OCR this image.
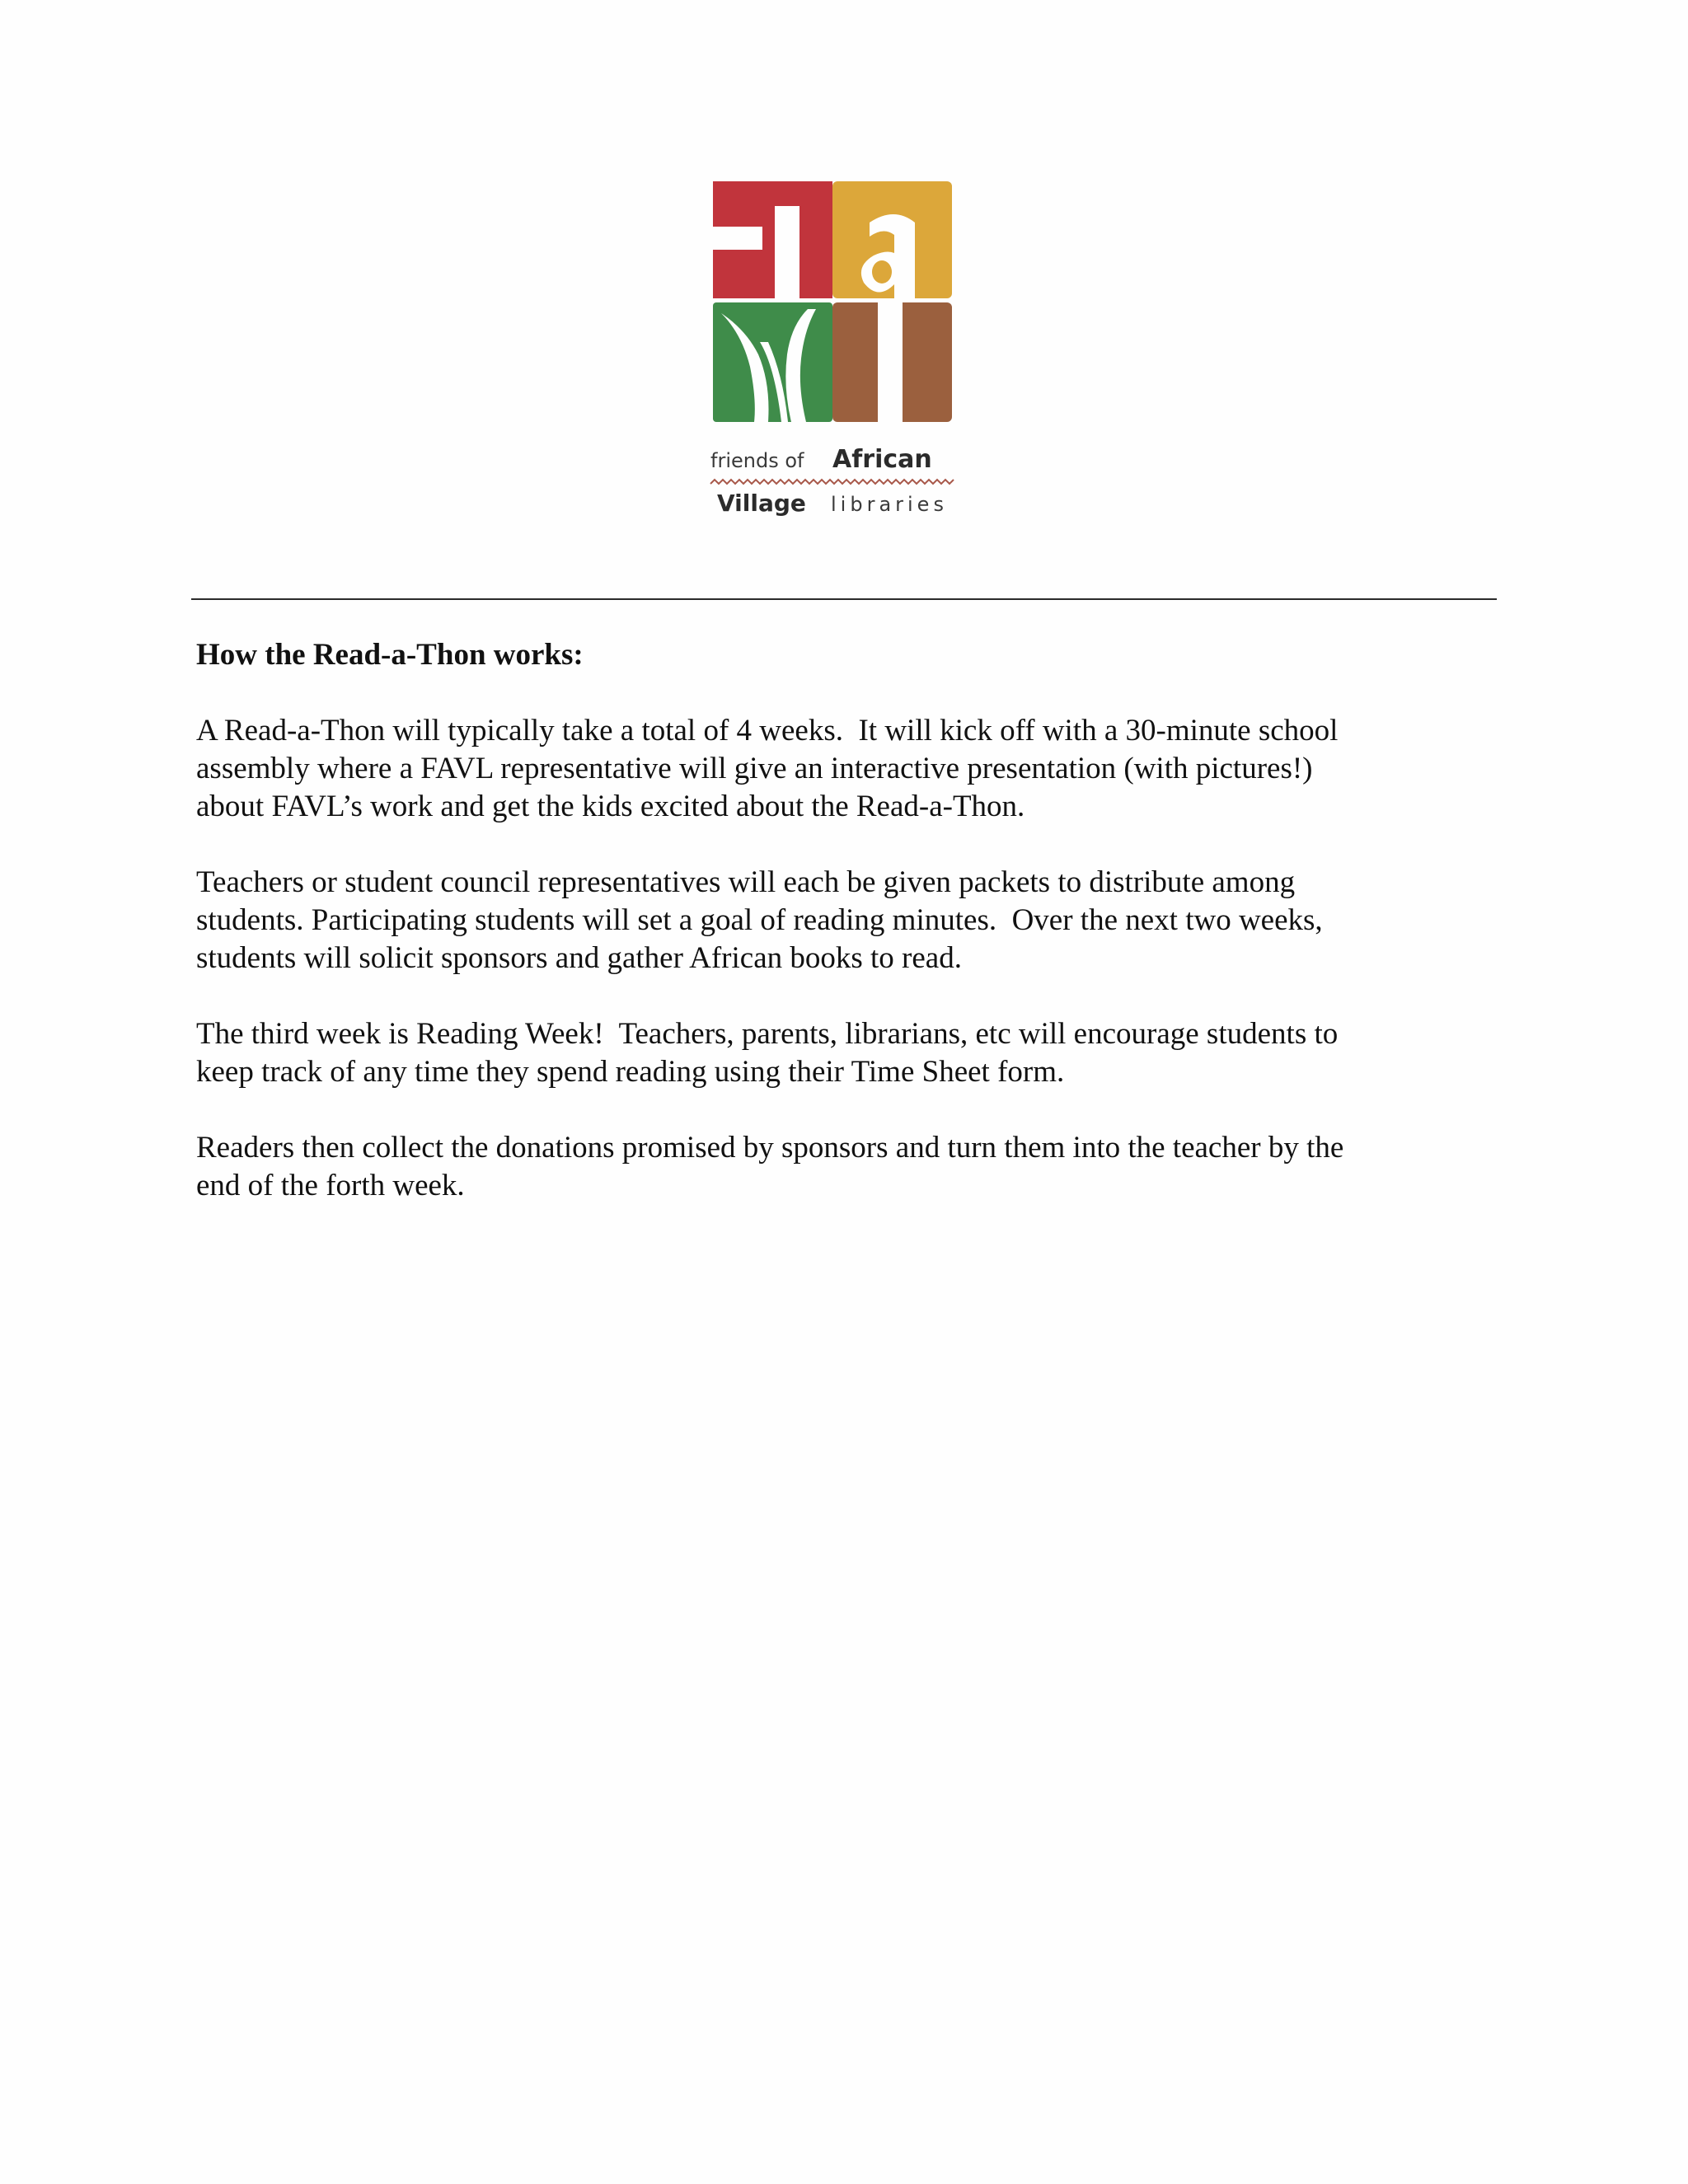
friends of African
Village libraries
How the Read-a-Thon works:
A Read-a-Thon will typically take a total of 4 weeks.  It will kick off with a 30-minute school
assembly where a FAVL representative will give an interactive presentation (with pictures!)
about FAVL’s work and get the kids excited about the Read-a-Thon.
Teachers or student council representatives will each be given packets to distribute among
students. Participating students will set a goal of reading minutes.  Over the next two weeks,
students will solicit sponsors and gather African books to read.
The third week is Reading Week!  Teachers, parents, librarians, etc will encourage students to
keep track of any time they spend reading using their Time Sheet form.
Readers then collect the donations promised by sponsors and turn them into the teacher by the
end of the forth week.
